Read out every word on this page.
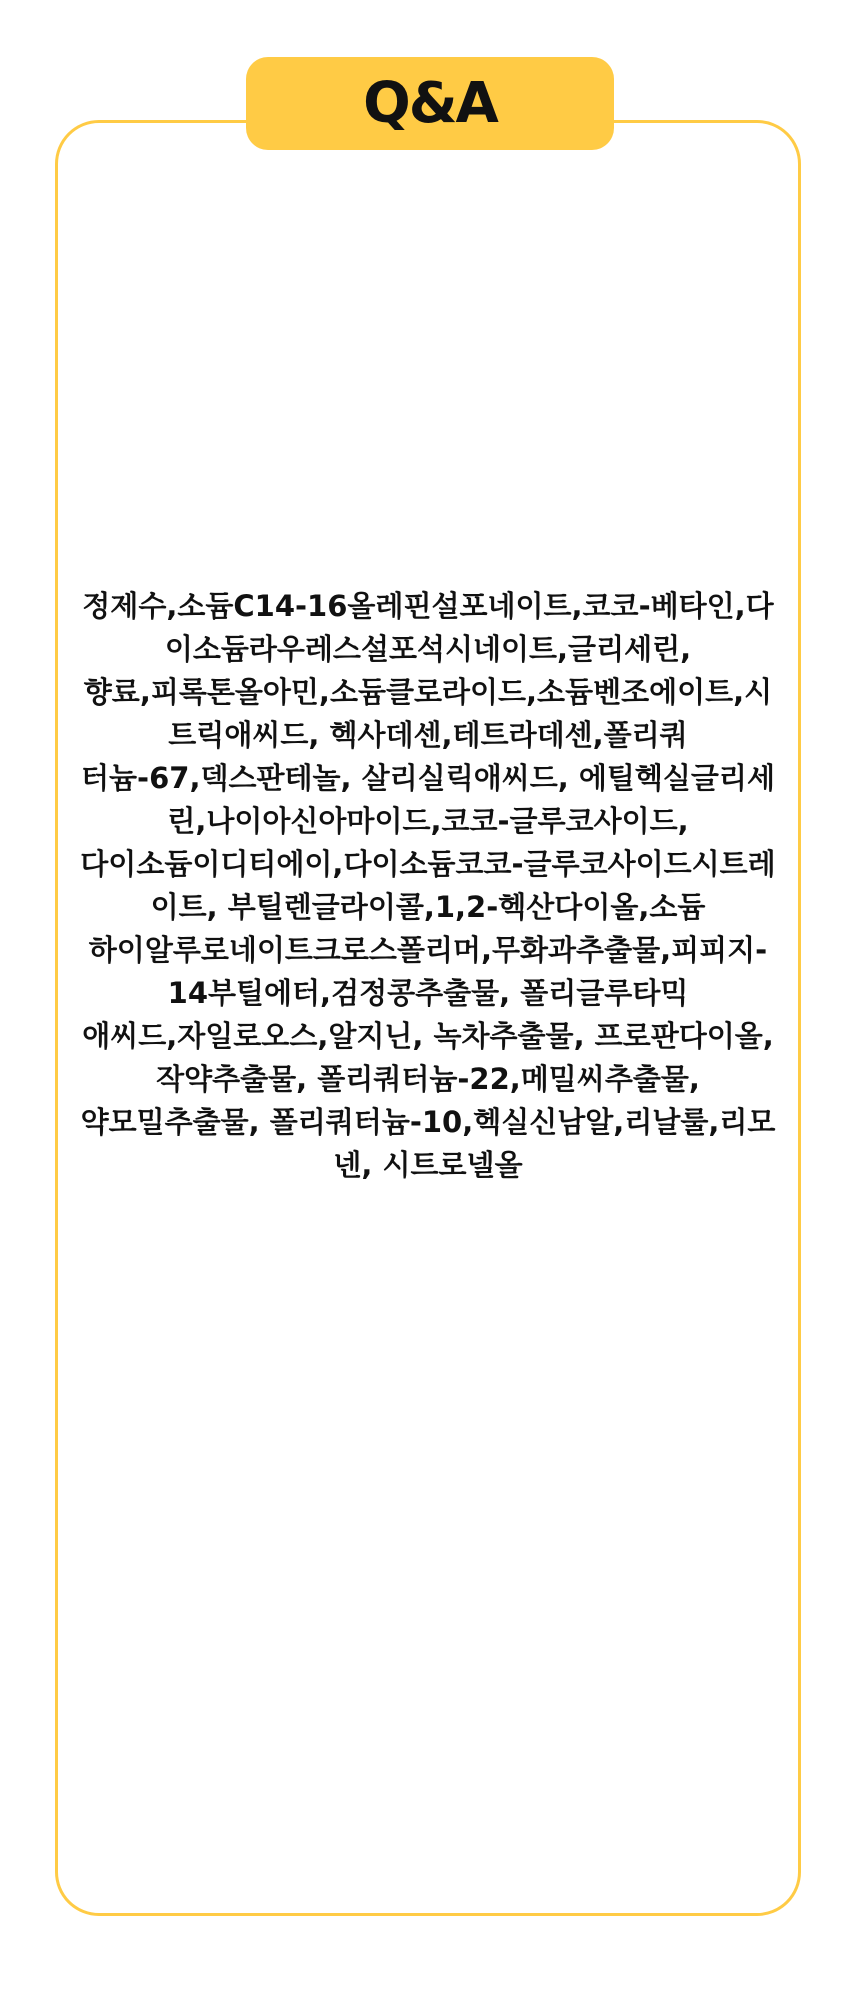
Q&A
정제수,소듐C14-16올레핀설포네이트,코코-베타인,다이소듐라우레스설포석시네이트,글리세린,
향료,피록톤올아민,소듐클로라이드,소듐벤조에이트,시트릭애씨드, 헥사데센,테트라데센,폴리쿼
터늄-67,덱스판테놀, 살리실릭애씨드, 에틸헥실글리세린,나이아신아마이드,코코-글루코사이드,
다이소듐이디티에이,다이소듐코코-글루코사이드시트레이트, 부틸렌글라이콜,1,2-헥산다이올,소듐
하이알루로네이트크로스폴리머,무화과추출물,피피지-14부틸에터,검정콩추출물, 폴리글루타믹
애씨드,자일로오스,알지닌, 녹차추출물, 프로판다이올, 작약추출물, 폴리쿼터늄-22,메밀씨추출물,
약모밀추출물, 폴리쿼터늄-10,헥실신남알,리날룰,리모넨, 시트로넬올
